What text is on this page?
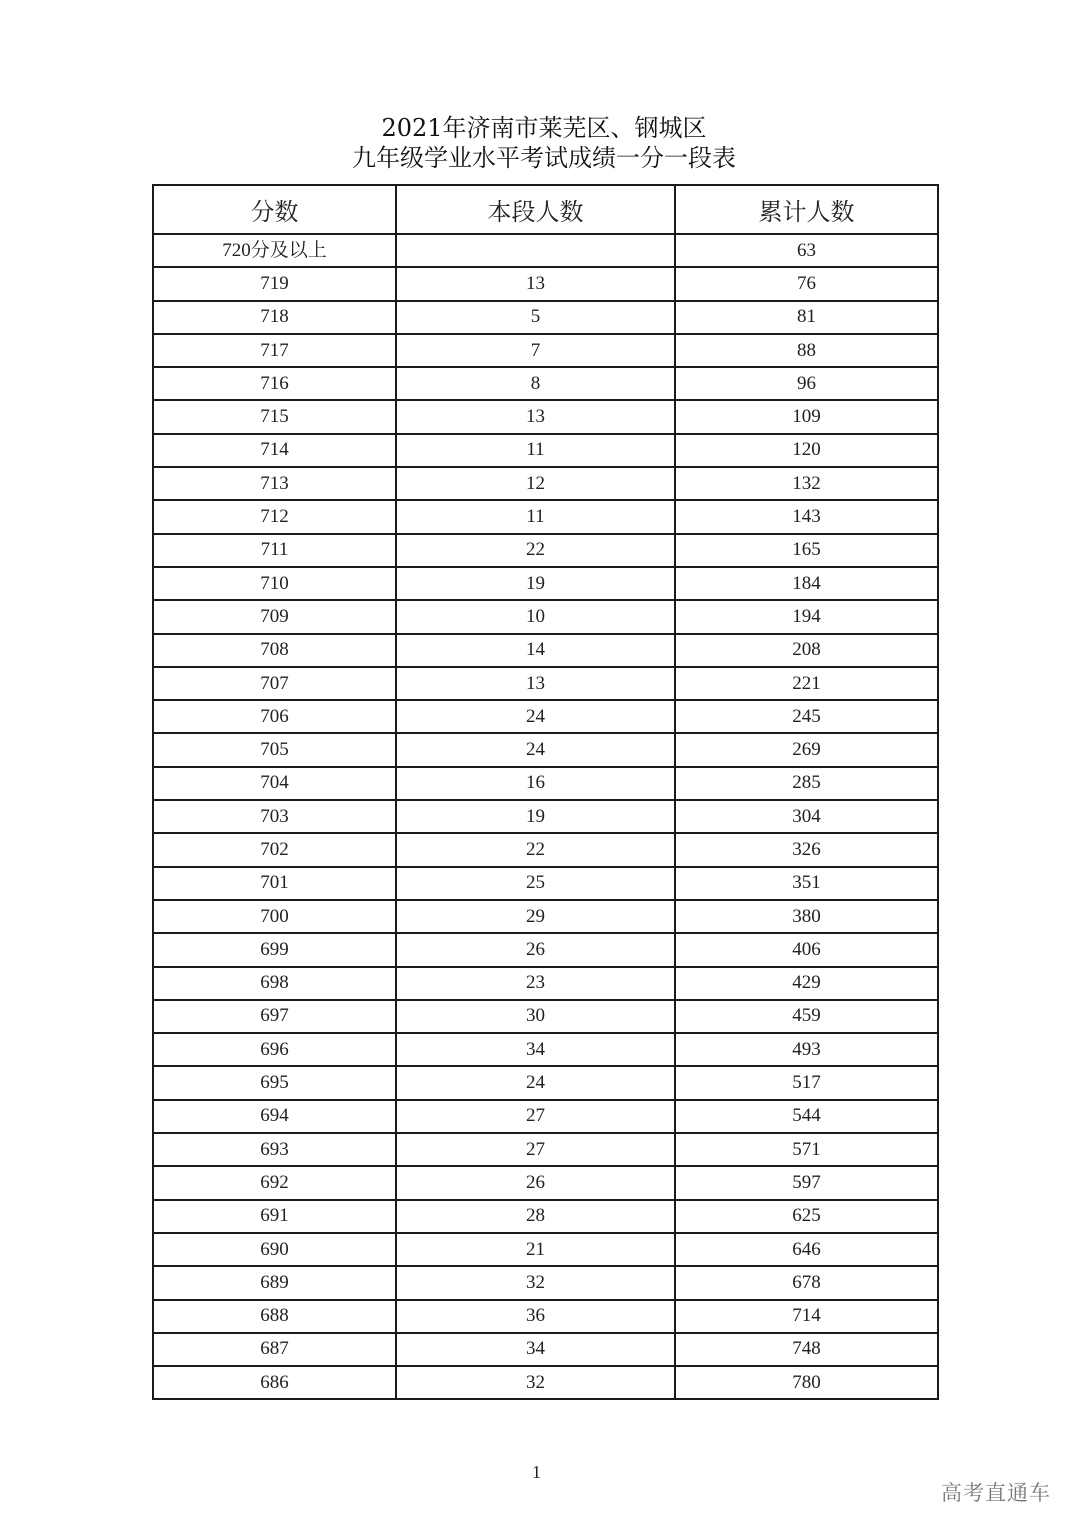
2021年济南市莱芜区、钢城区
九年级学业水平考试成绩一分一段表
分数	本段人数	累计人数
720分及以上		63
719	13	76
718	5	81
717	7	88
716	8	96
715	13	109
714	11	120
713	12	132
712	11	143
711	22	165
710	19	184
709	10	194
708	14	208
707	13	221
706	24	245
705	24	269
704	16	285
703	19	304
702	22	326
701	25	351
700	29	380
699	26	406
698	23	429
697	30	459
696	34	493
695	24	517
694	27	544
693	27	571
692	26	597
691	28	625
690	21	646
689	32	678
688	36	714
687	34	748
686	32	780
1
高考直通车
